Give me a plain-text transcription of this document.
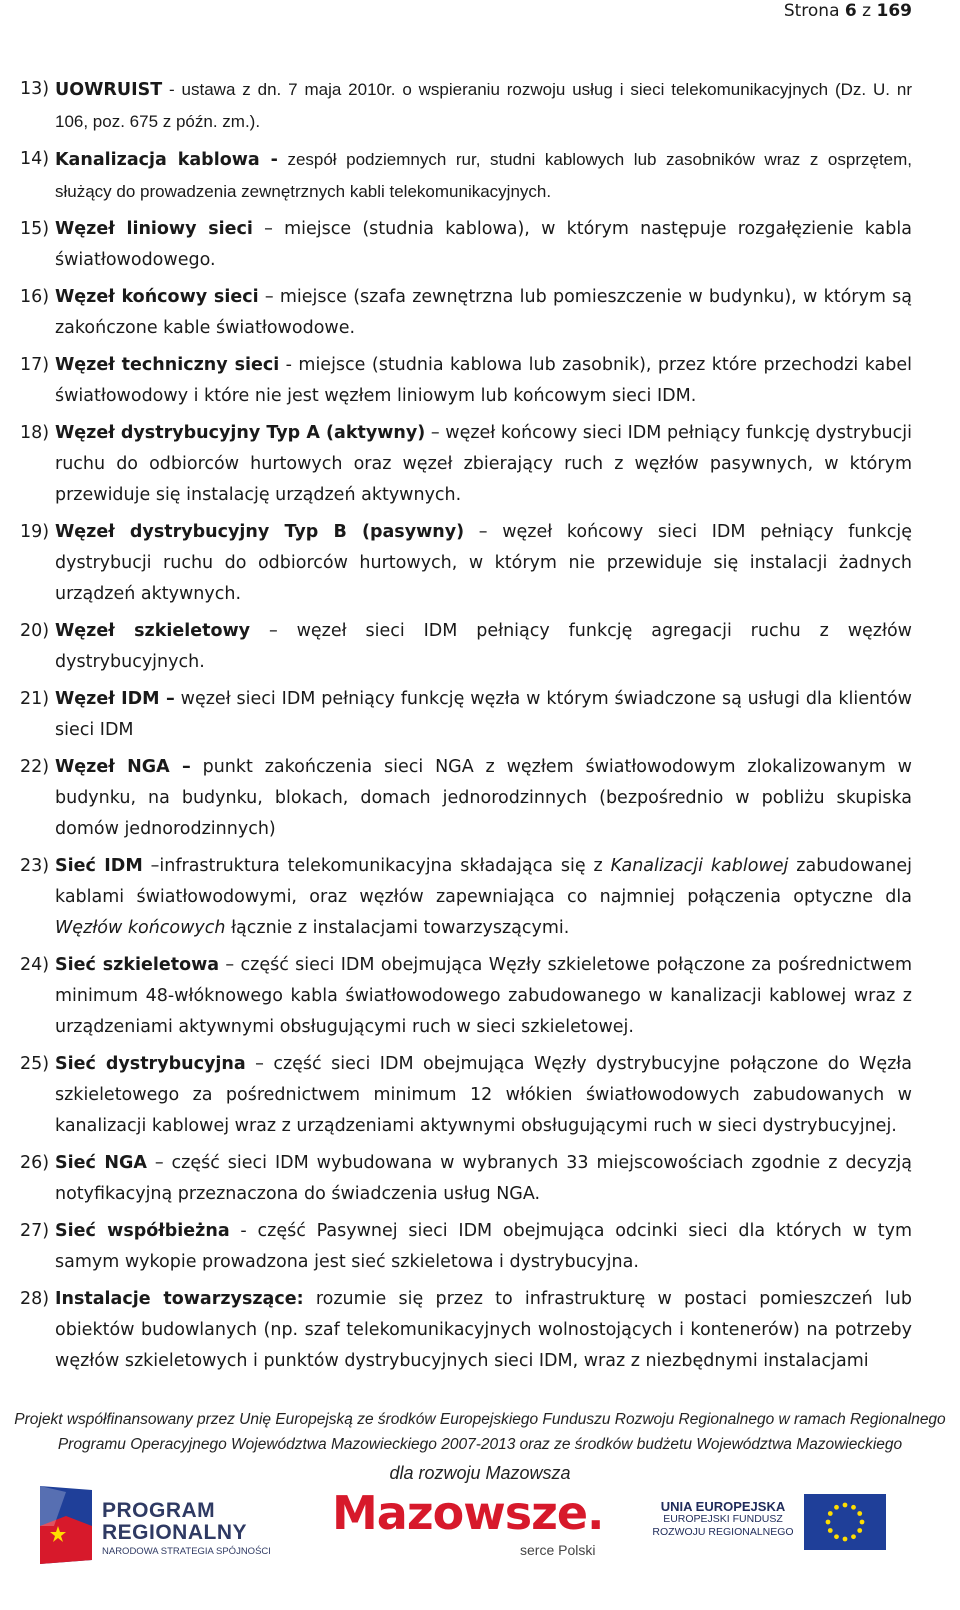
Strona 6 z 169
13) UOWRUIST - ustawa z dn. 7 maja 2010r. o wspieraniu rozwoju usług i sieci telekomunikacyjnych (Dz. U. nr 106, poz. 675 z późn. zm.).
14) Kanalizacja kablowa - zespół podziemnych rur, studni kablowych lub zasobników wraz z osprzętem, służący do prowadzenia zewnętrznych kabli telekomunikacyjnych.
15) Węzeł liniowy sieci – miejsce (studnia kablowa), w którym następuje rozgałęzienie kabla światłowodowego.
16) Węzeł końcowy sieci – miejsce (szafa zewnętrzna lub pomieszczenie w budynku), w którym są zakończone kable światłowodowe.
17) Węzeł techniczny sieci - miejsce (studnia kablowa lub zasobnik), przez które przechodzi kabel światłowodowy i które nie jest węzłem liniowym lub końcowym sieci IDM.
18) Węzeł dystrybucyjny Typ A (aktywny) – węzeł końcowy sieci IDM pełniący funkcję dystrybucji ruchu do odbiorców hurtowych oraz węzeł zbierający ruch z węzłów pasywnych, w którym przewiduje się instalację urządzeń aktywnych.
19) Węzeł dystrybucyjny Typ B (pasywny) – węzeł końcowy sieci IDM pełniący funkcję dystrybucji ruchu do odbiorców hurtowych, w którym nie przewiduje się instalacji żadnych urządzeń aktywnych.
20) Węzeł szkieletowy – węzeł sieci IDM pełniący funkcję agregacji ruchu z węzłów dystrybucyjnych.
21) Węzeł IDM – węzeł sieci IDM pełniący funkcję węzła w którym świadczone są usługi dla klientów sieci IDM
22) Węzeł NGA – punkt zakończenia sieci NGA z węzłem światłowodowym zlokalizowanym w budynku, na budynku, blokach, domach jednorodzinnych (bezpośrednio w pobliżu skupiska domów jednorodzinnych)
23) Sieć IDM –infrastruktura telekomunikacyjna składająca się z Kanalizacji kablowej zabudowanej kablami światłowodowymi, oraz węzłów zapewniająca co najmniej połączenia optyczne dla Węzłów końcowych łącznie z instalacjami towarzyszącymi.
24) Sieć szkieletowa – część sieci IDM obejmująca Węzły szkieletowe połączone za pośrednictwem minimum 48-włóknowego kabla światłowodowego zabudowanego w kanalizacji kablowej wraz z urządzeniami aktywnymi obsługującymi ruch w sieci szkieletowej.
25) Sieć dystrybucyjna – część sieci IDM obejmująca Węzły dystrybucyjne połączone do Węzła szkieletowego za pośrednictwem minimum 12 włókien światłowodowych zabudowanych w kanalizacji kablowej wraz z urządzeniami aktywnymi obsługującymi ruch w sieci dystrybucyjnej.
26) Sieć NGA – część sieci IDM wybudowana w wybranych 33 miejscowościach zgodnie z decyzją notyfikacyjną przeznaczona do świadczenia usług NGA.
27) Sieć współbieżna - część Pasywnej sieci IDM obejmująca odcinki sieci dla których w tym samym wykopie prowadzona jest sieć szkieletowa i dystrybucyjna.
28) Instalacje towarzyszące: rozumie się przez to infrastrukturę w postaci pomieszczeń lub obiektów budowlanych (np. szaf telekomunikacyjnych wolnostojących i kontenerów) na potrzeby węzłów szkieletowych i punktów dystrybucyjnych sieci IDM, wraz z niezbędnymi instalacjami
Projekt współfinansowany przez Unię Europejską ze środków Europejskiego Funduszu Rozwoju Regionalnego w ramach Regionalnego
Programu Operacyjnego Województwa Mazowieckiego 2007-2013 oraz ze środków budżetu Województwa Mazowieckiego
dla rozwoju Mazowsza
PROGRAM
REGIONALNY
NARODOWA STRATEGIA SPÓJNOŚCI
Mazowsze.
serce Polski
UNIA EUROPEJSKA
EUROPEJSKI FUNDUSZ
ROZWOJU REGIONALNEGO
